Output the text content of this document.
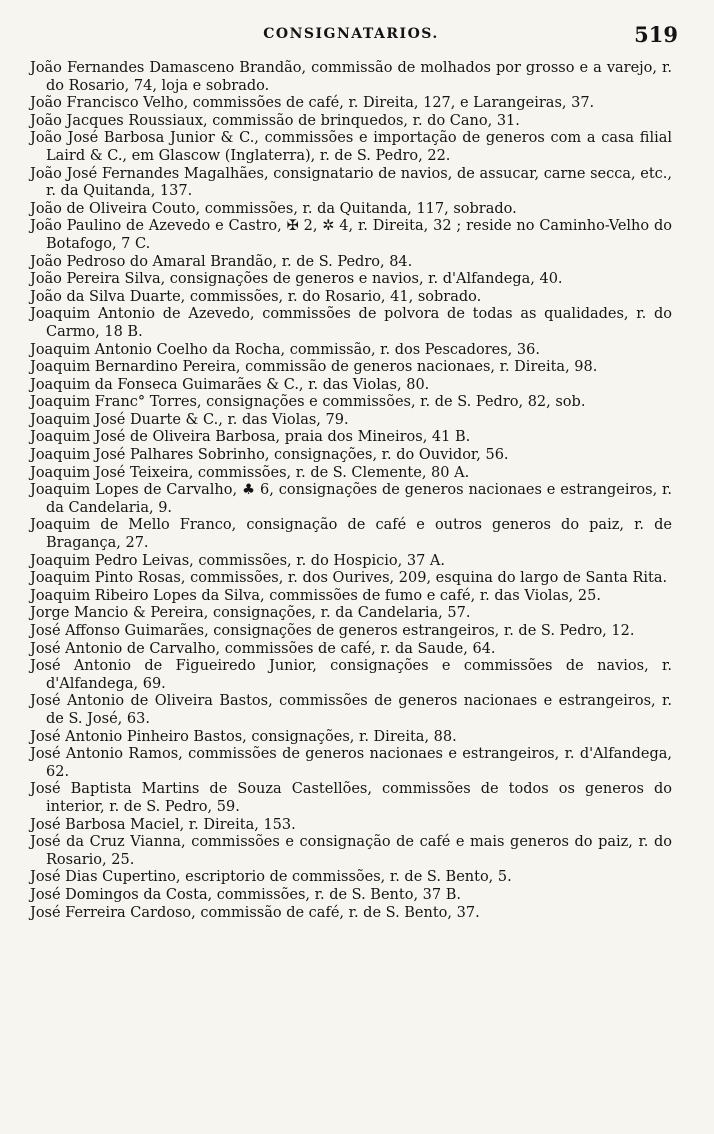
CONSIGNATARIOS.	519
João Fernandes Damasceno Brandão, commissão de molhados por grosso e a varejo, r. do Rosario, 74, loja e sobrado.
João Francisco Velho, commissões de café, r. Direita, 127, e Larangeiras, 37.
João Jacques Roussiaux, commissão de brinquedos, r. do Cano, 31.
João José Barbosa Junior & C., commissões e importação de generos com a casa filial Laird & C., em Glascow (Inglaterra), r. de S. Pedro, 22.
João José Fernandes Magalhães, consignatario de navios, de assucar, carne secca, etc., r. da Quitanda, 137.
João de Oliveira Couto, commissões, r. da Quitanda, 117, sobrado.
João Paulino de Azevedo e Castro, ✠ 2, ✲ 4, r. Direita, 32 ; reside no Caminho-Velho do Botafogo, 7 C.
João Pedroso do Amaral Brandão, r. de S. Pedro, 84.
João Pereira Silva, consignações de generos e navios, r. d'Alfandega, 40.
João da Silva Duarte, commissões, r. do Rosario, 41, sobrado.
Joaquim Antonio de Azevedo, commissões de polvora de todas as qualidades, r. do Carmo, 18 B.
Joaquim Antonio Coelho da Rocha, commissão, r. dos Pescadores, 36.
Joaquim Bernardino Pereira, commissão de generos nacionaes, r. Direita, 98.
Joaquim da Fonseca Guimarães & C., r. das Violas, 80.
Joaquim Franc° Torres, consignações e commissões, r. de S. Pedro, 82, sob.
Joaquim José Duarte & C., r. das Violas, 79.
Joaquim José de Oliveira Barbosa, praia dos Mineiros, 41 B.
Joaquim José Palhares Sobrinho, consignações, r. do Ouvidor, 56.
Joaquim José Teixeira, commissões, r. de S. Clemente, 80 A.
Joaquim Lopes de Carvalho, ♣ 6, consignações de generos nacionaes e estrangeiros, r. da Candelaria, 9.
Joaquim de Mello Franco, consignação de café e outros generos do paiz, r. de Bragança, 27.
Joaquim Pedro Leivas, commissões, r. do Hospicio, 37 A.
Joaquim Pinto Rosas, commissões, r. dos Ourives, 209, esquina do largo de Santa Rita.
Joaquim Ribeiro Lopes da Silva, commissões de fumo e café, r. das Violas, 25.
Jorge Mancio & Pereira, consignações, r. da Candelaria, 57.
José Affonso Guimarães, consignações de generos estrangeiros, r. de S. Pedro, 12.
José Antonio de Carvalho, commissões de café, r. da Saude, 64.
José Antonio de Figueiredo Junior, consignações e commissões de navios, r. d'Alfandega, 69.
José Antonio de Oliveira Bastos, commissões de generos nacionaes e estrangeiros, r. de S. José, 63.
José Antonio Pinheiro Bastos, consignações, r. Direita, 88.
José Antonio Ramos, commissões de generos nacionaes e estrangeiros, r. d'Alfandega, 62.
José Baptista Martins de Souza Castellões, commissões de todos os generos do interior, r. de S. Pedro, 59.
José Barbosa Maciel, r. Direita, 153.
José da Cruz Vianna, commissões e consignação de café e mais generos do paiz, r. do Rosario, 25.
José Dias Cupertino, escriptorio de commissões, r. de S. Bento, 5.
José Domingos da Costa, commissões, r. de S. Bento, 37 B.
José Ferreira Cardoso, commissão de café, r. de S. Bento, 37.
